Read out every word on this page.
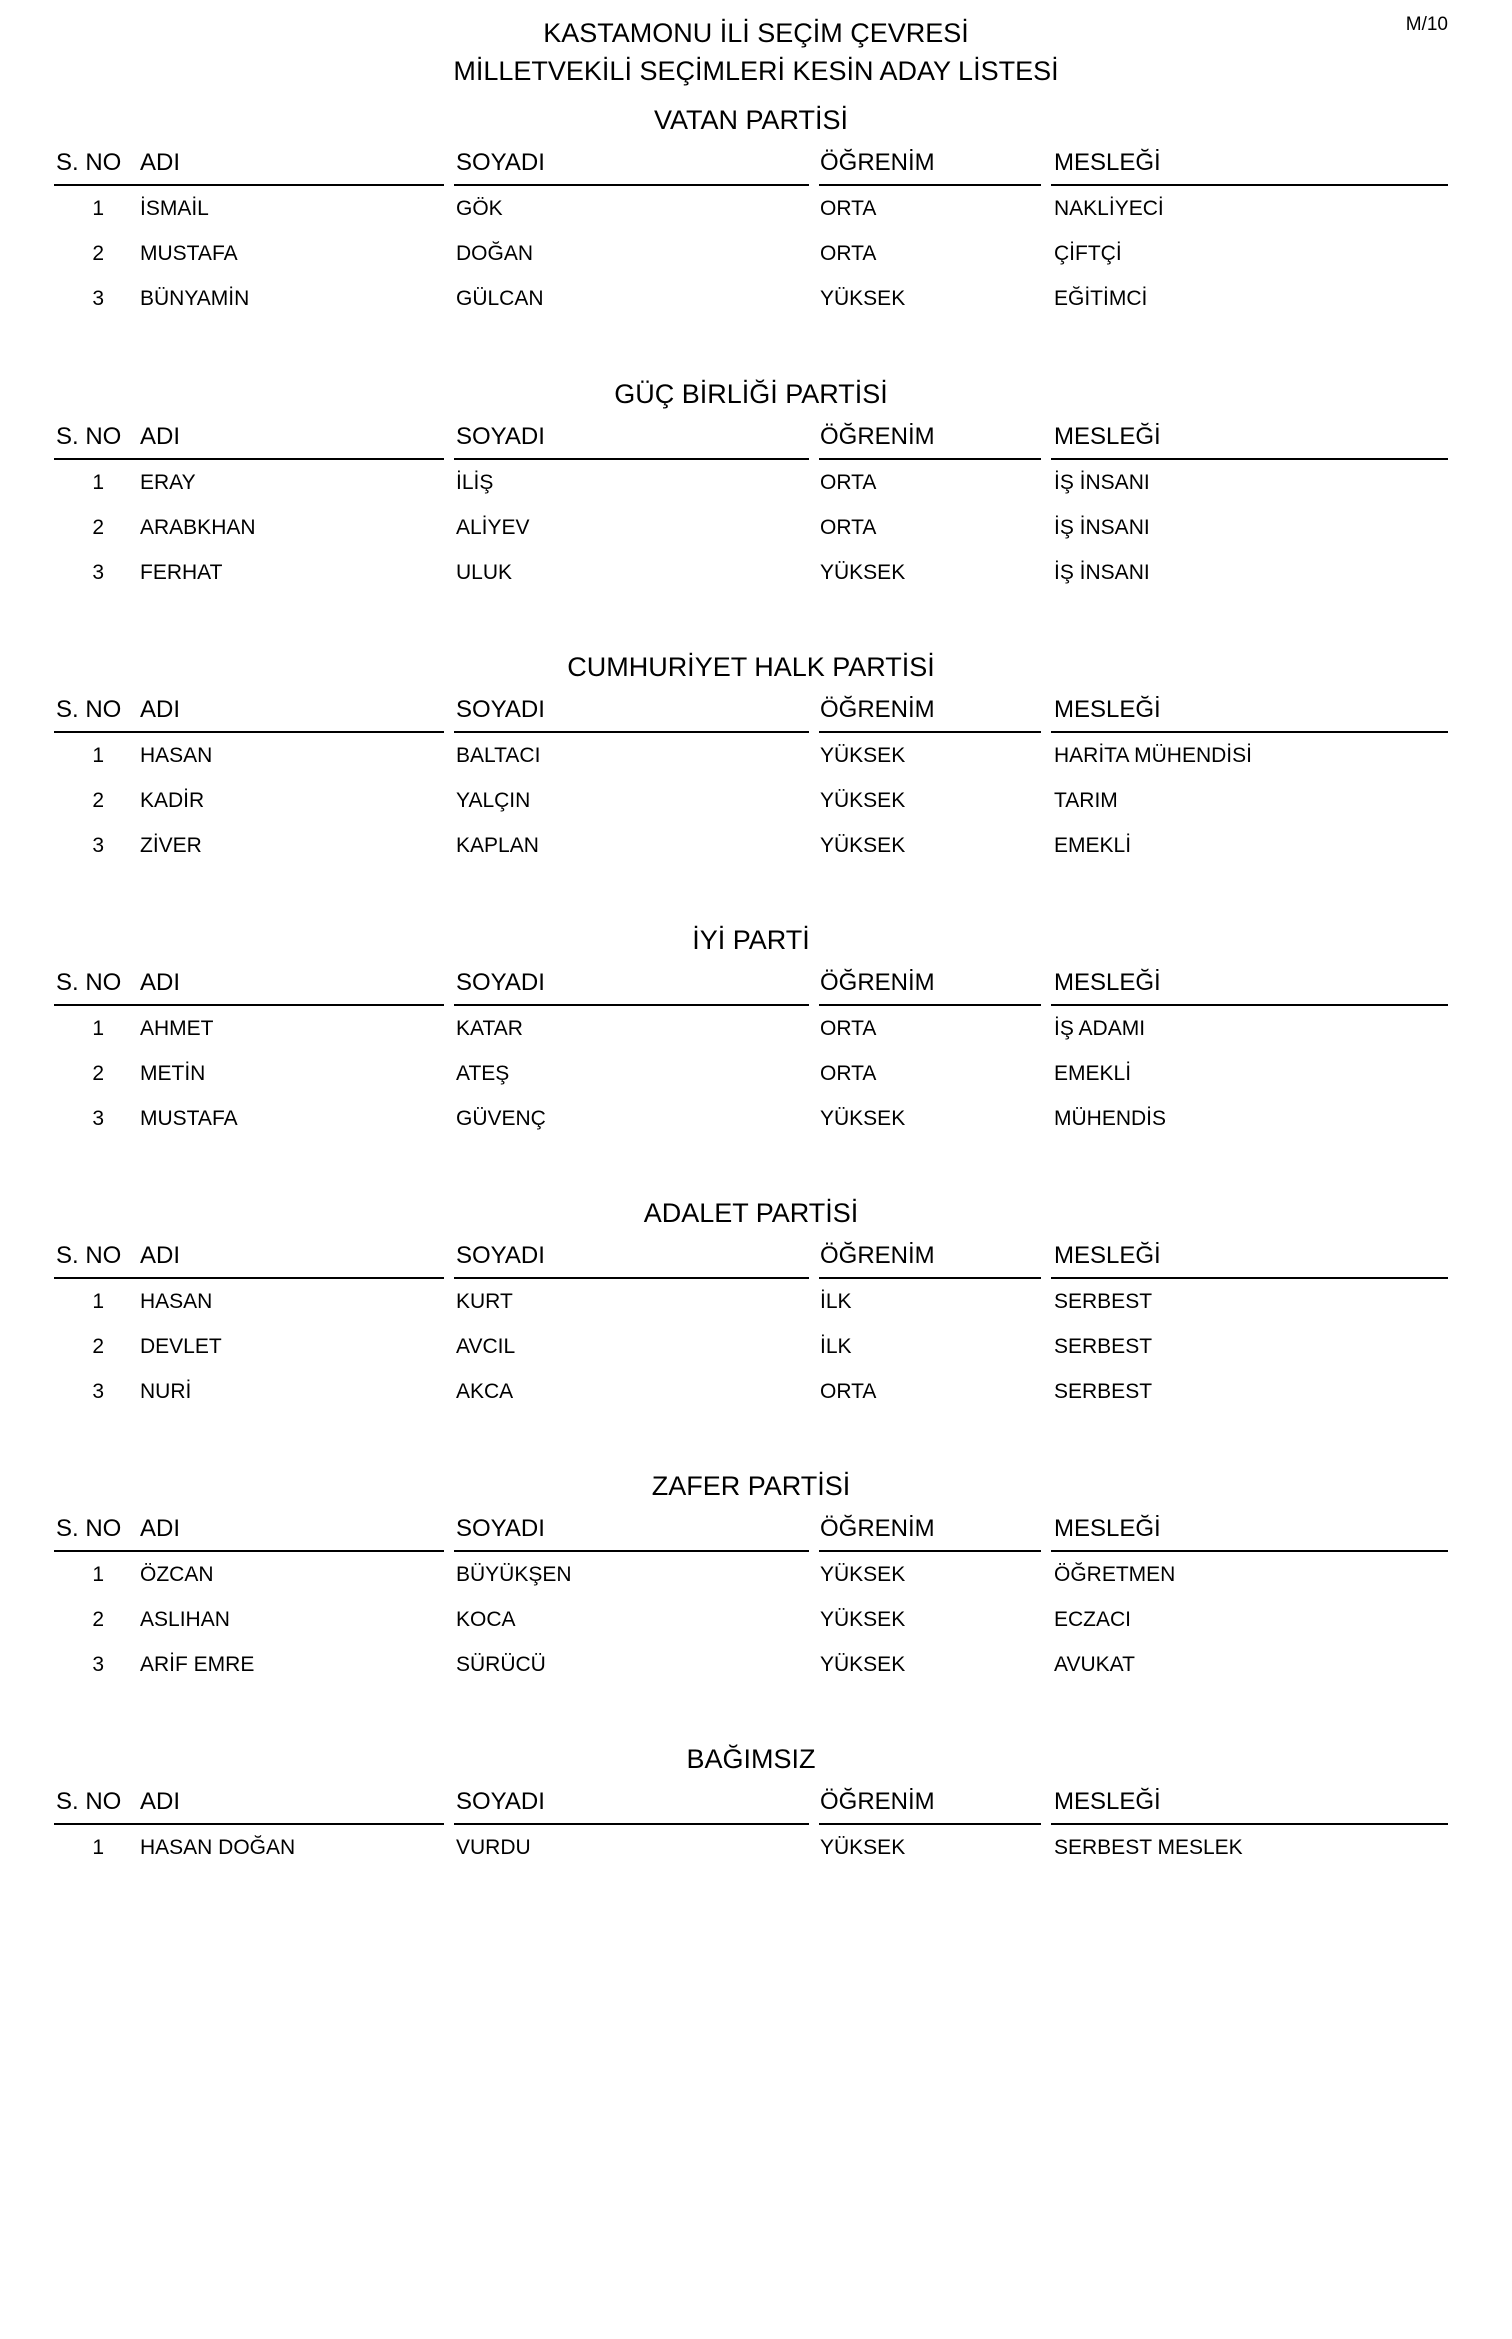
M/10
KASTAMONU İLİ SEÇİM ÇEVRESİ
MİLLETVEKİLİ SEÇİMLERİ KESİN ADAY LİSTESİ
VATAN PARTİSİ
S. NO ADI	SOYADI	ÖĞRENİM	MESLEĞİ
1 İSMAİL	GÖK	ORTA	NAKLİYECİ
2 MUSTAFA	DOĞAN	ORTA	ÇİFTÇİ
3 BÜNYAMİN	GÜLCAN	YÜKSEK	EĞİTİMCİ
GÜÇ BİRLİĞİ PARTİSİ
S. NO ADI	SOYADI	ÖĞRENİM	MESLEĞİ
1 ERAY	İLİŞ	ORTA	İŞ İNSANI
2 ARABKHAN	ALİYEV	ORTA	İŞ İNSANI
3 FERHAT	ULUK	YÜKSEK	İŞ İNSANI
CUMHURİYET HALK PARTİSİ
S. NO ADI	SOYADI	ÖĞRENİM	MESLEĞİ
1 HASAN	BALTACI	YÜKSEK	HARİTA MÜHENDİSİ
2 KADİR	YALÇIN	YÜKSEK	TARIM
3 ZİVER	KAPLAN	YÜKSEK	EMEKLİ
İYİ PARTİ
S. NO ADI	SOYADI	ÖĞRENİM	MESLEĞİ
1 AHMET	KATAR	ORTA	İŞ ADAMI
2 METİN	ATEŞ	ORTA	EMEKLİ
3 MUSTAFA	GÜVENÇ	YÜKSEK	MÜHENDİS
ADALET PARTİSİ
S. NO ADI	SOYADI	ÖĞRENİM	MESLEĞİ
1 HASAN	KURT	İLK	SERBEST
2 DEVLET	AVCIL	İLK	SERBEST
3 NURİ	AKCA	ORTA	SERBEST
ZAFER PARTİSİ
S. NO ADI	SOYADI	ÖĞRENİM	MESLEĞİ
1 ÖZCAN	BÜYÜKŞEN	YÜKSEK	ÖĞRETMEN
2 ASLIHAN	KOCA	YÜKSEK	ECZACI
3 ARİF EMRE	SÜRÜCÜ	YÜKSEK	AVUKAT
BAĞIMSIZ
S. NO ADI	SOYADI	ÖĞRENİM	MESLEĞİ
1 HASAN DOĞAN	VURDU	YÜKSEK	SERBEST MESLEK
